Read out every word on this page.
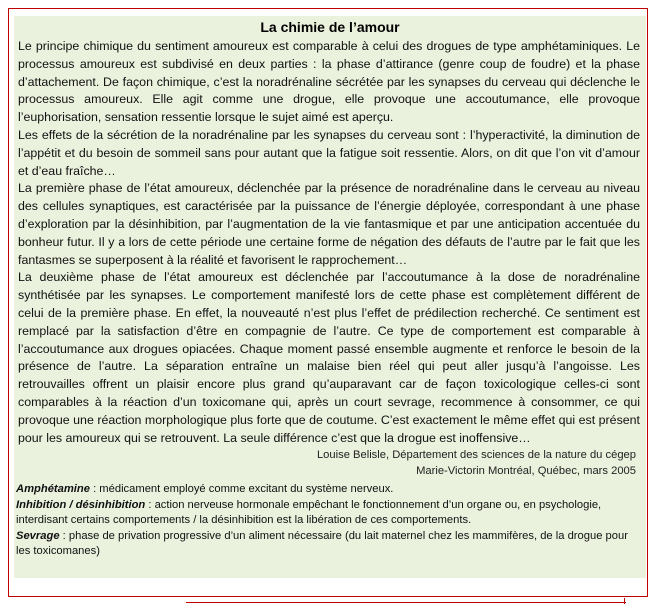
La chimie de l’amour

Le principe chimique du sentiment amoureux est comparable à celui des drogues de type amphétaminiques. Le processus amoureux est subdivisé en deux parties : la phase d’attirance (genre coup de foudre) et la phase d’attachement. De façon chimique, c’est la noradrénaline sécrétée par les synapses du cerveau qui déclenche le processus amoureux. Elle agit comme une drogue, elle provoque une accoutumance, elle provoque l’euphorisation, sensation ressentie lorsque le sujet aimé est aperçu.

Les effets de la sécrétion de la noradrénaline par les synapses du cerveau sont : l’hyperactivité, la diminution de l’appétit et du besoin de sommeil sans pour autant que la fatigue soit ressentie. Alors, on dit que l’on vit d’amour et d’eau fraîche…

La première phase de l’état amoureux, déclenchée par la présence de noradrénaline dans le cerveau au niveau des cellules synaptiques, est caractérisée par la puissance de l’énergie déployée, correspondant à une phase d’exploration par la désinhibition, par l’augmentation de la vie fantasmique et par une anticipation accentuée du bonheur futur. Il y a lors de cette période une certaine forme de négation des défauts de l’autre par le fait que les fantasmes se superposent à la réalité et favorisent le rapprochement…

La deuxième phase de l’état amoureux est déclenchée par l’accoutumance à la dose de noradrénaline synthétisée par les synapses. Le comportement manifesté lors de cette phase est complètement différent de celui de la première phase. En effet, la nouveauté n’est plus l’effet de prédilection recherché. Ce sentiment est remplacé par la satisfaction d’être en compagnie de l’autre. Ce type de comportement est comparable à l’accoutumance aux drogues opiacées. Chaque moment passé ensemble augmente et renforce le besoin de la présence de l’autre. La séparation entraîne un malaise bien réel qui peut aller jusqu’à l’angoisse. Les retrouvailles offrent un plaisir encore plus grand qu’auparavant car de façon toxicologique celles-ci sont comparables à la réaction d’un toxicomane qui, après un court sevrage, recommence à consommer, ce qui provoque une réaction morphologique plus forte que de coutume. C’est exactement le même effet qui est présent pour les amoureux qui se retrouvent. La seule différence c’est que la drogue est inoffensive…

Louise Belisle, Département des sciences de la nature du cégep
Marie-Victorin Montréal, Québec, mars 2005

Amphétamine : médicament employé comme excitant du système nerveux.

Inhibition / désinhibition : action nerveuse hormonale empêchant le fonctionnement d’un organe ou, en psychologie, interdisant certains comportements / la désinhibition est la libération de ces comportements.

Sevrage : phase de privation progressive d’un aliment nécessaire (du lait maternel chez les mammifères, de la drogue pour les toxicomanes)
